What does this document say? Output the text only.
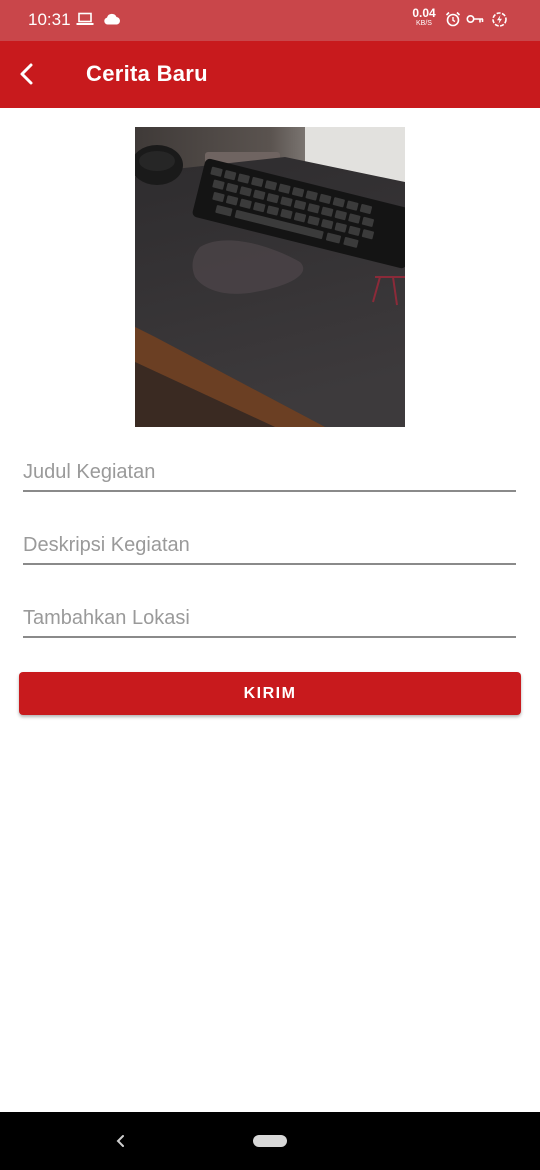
10:31	0.04
KB/S
Cerita Baru
Judul Kegiatan
Deskripsi Kegiatan
Tambahkan Lokasi
KIRIM
